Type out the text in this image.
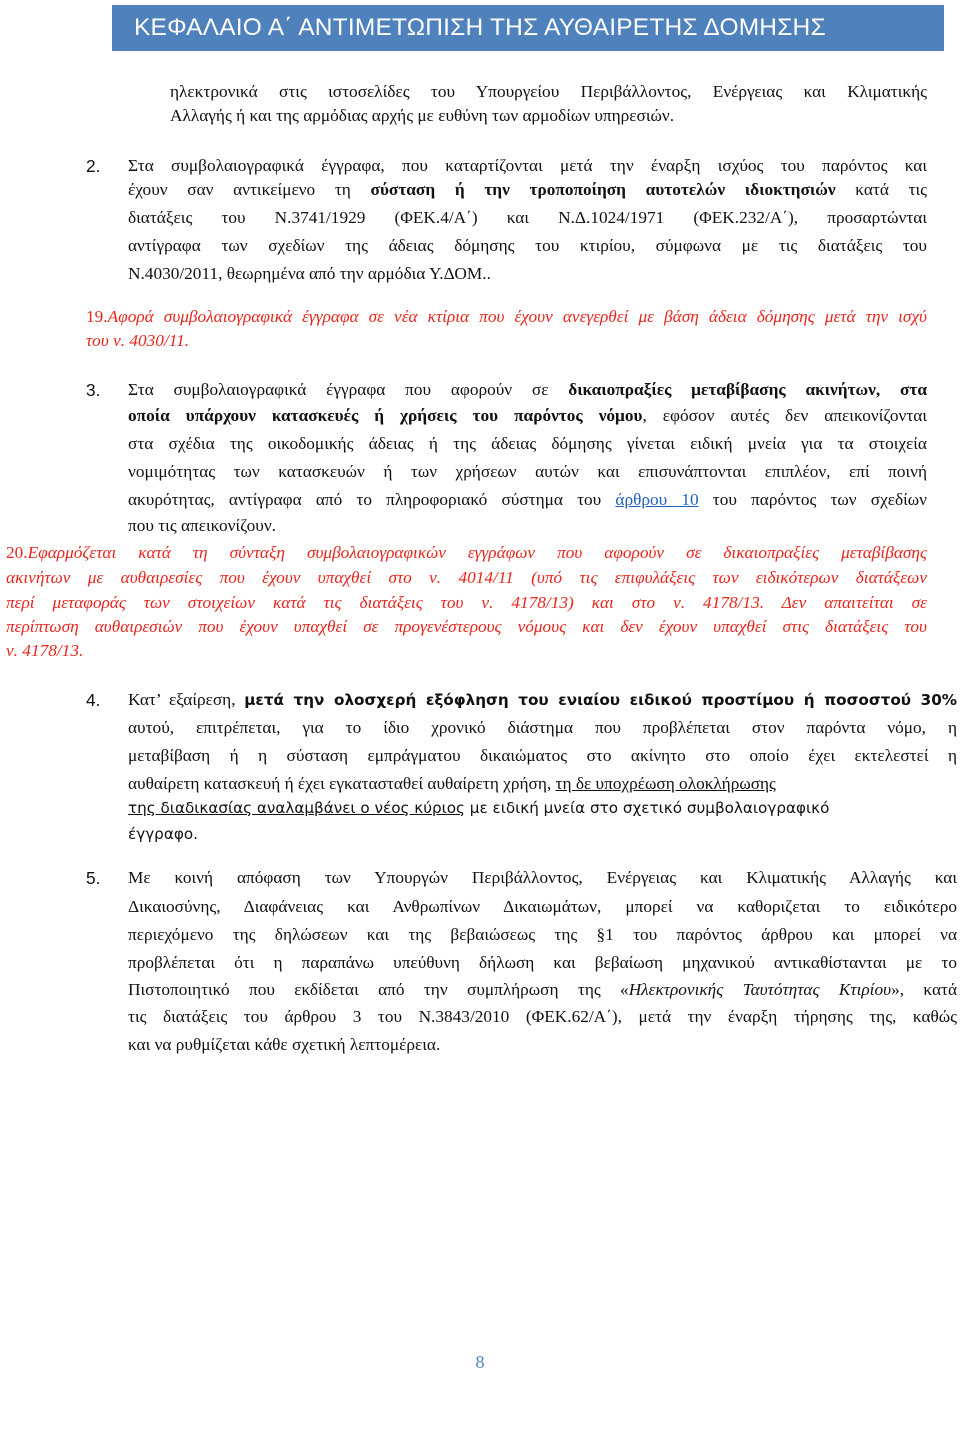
ΚΕΦΑΛΑΙΟ Α΄ ΑΝΤΙΜΕΤΩΠΙΣΗ ΤΗΣ ΑΥΘΑΙΡΕΤΗΣ ΔΟΜΗΣΗΣ
ηλεκτρονικά στις ιστοσελίδες του Υπουργείου Περιβάλλοντος, Ενέργειας και Κλιματικής
Αλλαγής ή και της αρμόδιας αρχής με ευθύνη των αρμοδίων υπηρεσιών.
2. Στα συμβολαιογραφικά έγγραφα, που καταρτίζονται μετά την έναρξη ισχύος του παρόντος και
έχουν σαν αντικείμενο τη σύσταση ή την τροποποίηση αυτοτελών ιδιοκτησιών κατά τις
διατάξεις του Ν.3741/1929 (ΦΕΚ.4/Α΄) και Ν.Δ.1024/1971 (ΦΕΚ.232/Α΄), προσαρτώνται
αντίγραφα των σχεδίων της άδειας δόμησης του κτιρίου, σύμφωνα με τις διατάξεις του
Ν.4030/2011, θεωρημένα από την αρμόδια Υ.ΔΟΜ..
19.Αφορά συμβολαιογραφικά έγγραφα σε νέα κτίρια που έχουν ανεγερθεί με βάση άδεια δόμησης μετά την ισχύ
του ν. 4030/11.
3. Στα συμβολαιογραφικά έγγραφα που αφορούν σε δικαιοπραξίες μεταβίβασης ακινήτων, στα
οποία υπάρχουν κατασκευές ή χρήσεις του παρόντος νόμου, εφόσον αυτές δεν απεικονίζονται
στα σχέδια της οικοδομικής άδειας ή της άδειας δόμησης γίνεται ειδική μνεία για τα στοιχεία
νομιμότητας των κατασκευών ή των χρήσεων αυτών και επισυνάπτονται επιπλέον, επί ποινή
ακυρότητας, αντίγραφα από το πληροφοριακό σύστημα του άρθρου 10 του παρόντος των σχεδίων
που τις απεικονίζουν.
20.Εφαρμόζεται κατά τη σύνταξη συμβολαιογραφικών εγγράφων που αφορούν σε δικαιοπραξίες μεταβίβασης
ακινήτων με αυθαιρεσίες που έχουν υπαχθεί στο ν. 4014/11 (υπό τις επιφυλάξεις των ειδικότερων διατάξεων
περί μεταφοράς των στοιχείων κατά τις διατάξεις του ν. 4178/13) και στο ν. 4178/13. Δεν απαιτείται σε
περίπτωση αυθαιρεσιών που έχουν υπαχθεί σε προγενέστερους νόμους και δεν έχουν υπαχθεί στις διατάξεις του
ν. 4178/13.
4. Κατ’ εξαίρεση, μετά την ολοσχερή εξόφληση του ενιαίου ειδικού προστίμου ή ποσοστού 30%
αυτού, επιτρέπεται, για το ίδιο χρονικό διάστημα που προβλέπεται στον παρόντα νόμο, η
μεταβίβαση ή η σύσταση εμπράγματου δικαιώματος στο ακίνητο στο οποίο έχει εκτελεστεί η
αυθαίρετη κατασκευή ή έχει εγκατασταθεί αυθαίρετη χρήση, τη δε υποχρέωση ολοκλήρωσης
της διαδικασίας αναλαμβάνει ο νέος κύριος με ειδική μνεία στο σχετικό συμβολαιογραφικό
έγγραφο.
5. Με κοινή απόφαση των Υπουργών Περιβάλλοντος, Ενέργειας και Κλιματικής Αλλαγής και
Δικαιοσύνης, Διαφάνειας και Ανθρωπίνων Δικαιωμάτων, μπορεί να καθοριζεται το ειδικότερο
περιεχόμενο της δηλώσεων και της βεβαιώσεως της §1 του παρόντος άρθρου και μπορεί να
προβλέπεται ότι η παραπάνω υπεύθυνη δήλωση και βεβαίωση μηχανικού αντικαθίστανται με το
Πιστοποιητικό που εκδίδεται από την συμπλήρωση της «Ηλεκτρονικής Ταυτότητας Κτιρίου», κατά
τις διατάξεις του άρθρου 3 του Ν.3843/2010 (ΦΕΚ.62/Α΄), μετά την έναρξη τήρησης της, καθώς
και να ρυθμίζεται κάθε σχετική λεπτομέρεια.
8
